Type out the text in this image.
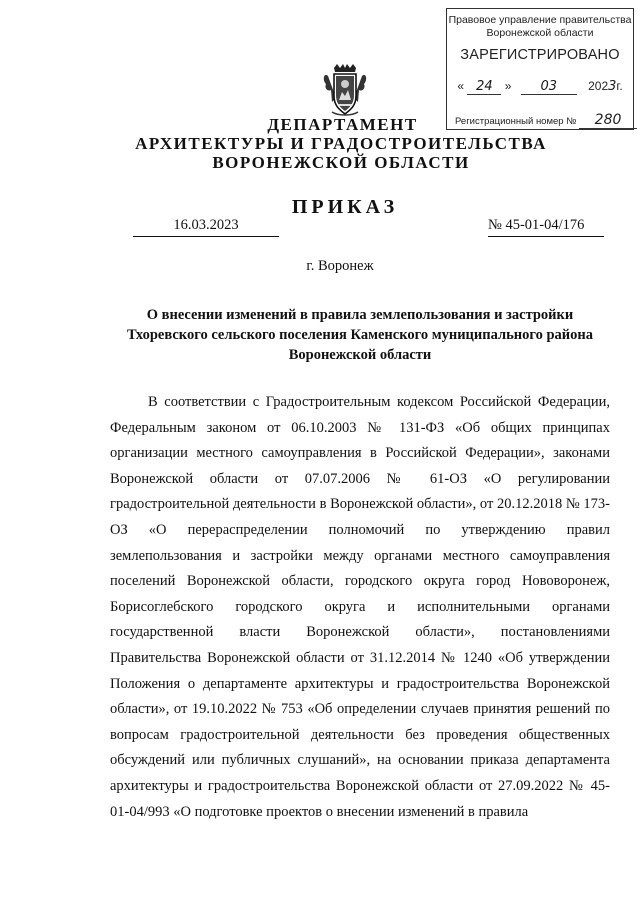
Правовое управление правительства
Воронежской области
ЗАРЕГИСТРИРОВАНО
« 24 » 03	2023г.
Регистрационный номер № 280
ДЕПАРТАМЕНТ
АРХИТЕКТУРЫ И ГРАДОСТРОИТЕЛЬСТВА
ВОРОНЕЖСКОЙ ОБЛАСТИ
ПРИКАЗ
16.03.2023	№ 45-01-04/176
г. Воронеж
О внесении изменений в правила землепользования и застройки Тхоревского сельского поселения Каменского муниципального района Воронежской области
В соответствии с Градостроительным кодексом Российской Федерации, Федеральным законом от 06.10.2003 № 131-ФЗ «Об общих принципах организации местного самоуправления в Российской Федерации», законами Воронежской области от 07.07.2006 № 61-ОЗ «О регулировании градостроительной деятельности в Воронежской области», от 20.12.2018 № 173-ОЗ «О перераспределении полномочий по утверждению правил землепользования и застройки между органами местного самоуправления поселений Воронежской области, городского округа город Нововоронеж, Борисоглебского городского округа и исполнительными органами государственной власти Воронежской области», постановлениями Правительства Воронежской области от 31.12.2014 № 1240 «Об утверждении Положения о департаменте архитектуры и градостроительства Воронежской области», от 19.10.2022 № 753 «Об определении случаев принятия решений по вопросам градостроительной деятельности без проведения общественных обсуждений или публичных слушаний», на основании приказа департамента архитектуры и градостроительства Воронежской области от 27.09.2022 № 45-01-04/993 «О подготовке проектов о внесении изменений в правила
